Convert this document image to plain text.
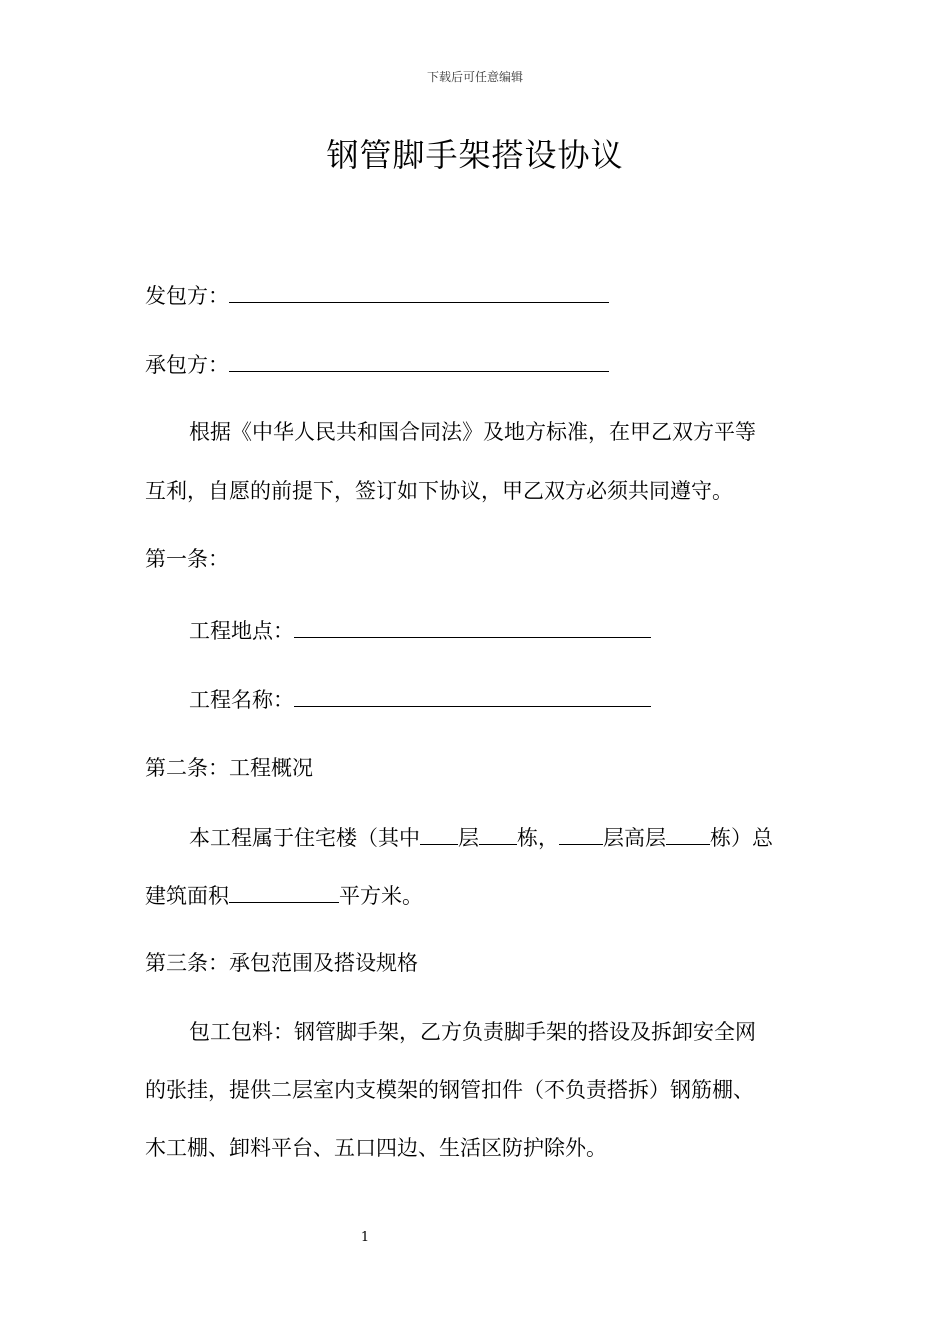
下载后可任意编辑
钢管脚手架搭设协议
发包方：
承包方：
根据《中华人民共和国合同法》及地方标准，在甲乙双方平等
互利，自愿的前提下，签订如下协议，甲乙双方必须共同遵守。
第一条：
工程地点：
工程名称：
第二条：工程概况
本工程属于住宅楼（其中 层 栋， 层高层 栋）总
建筑面积	平方米。
第三条：承包范围及搭设规格
包工包料：钢管脚手架，乙方负责脚手架的搭设及拆卸安全网
的张挂，提供二层室内支模架的钢管扣件（不负责搭拆）钢筋棚、
木工棚、卸料平台、五口四边、生活区防护除外。
1
